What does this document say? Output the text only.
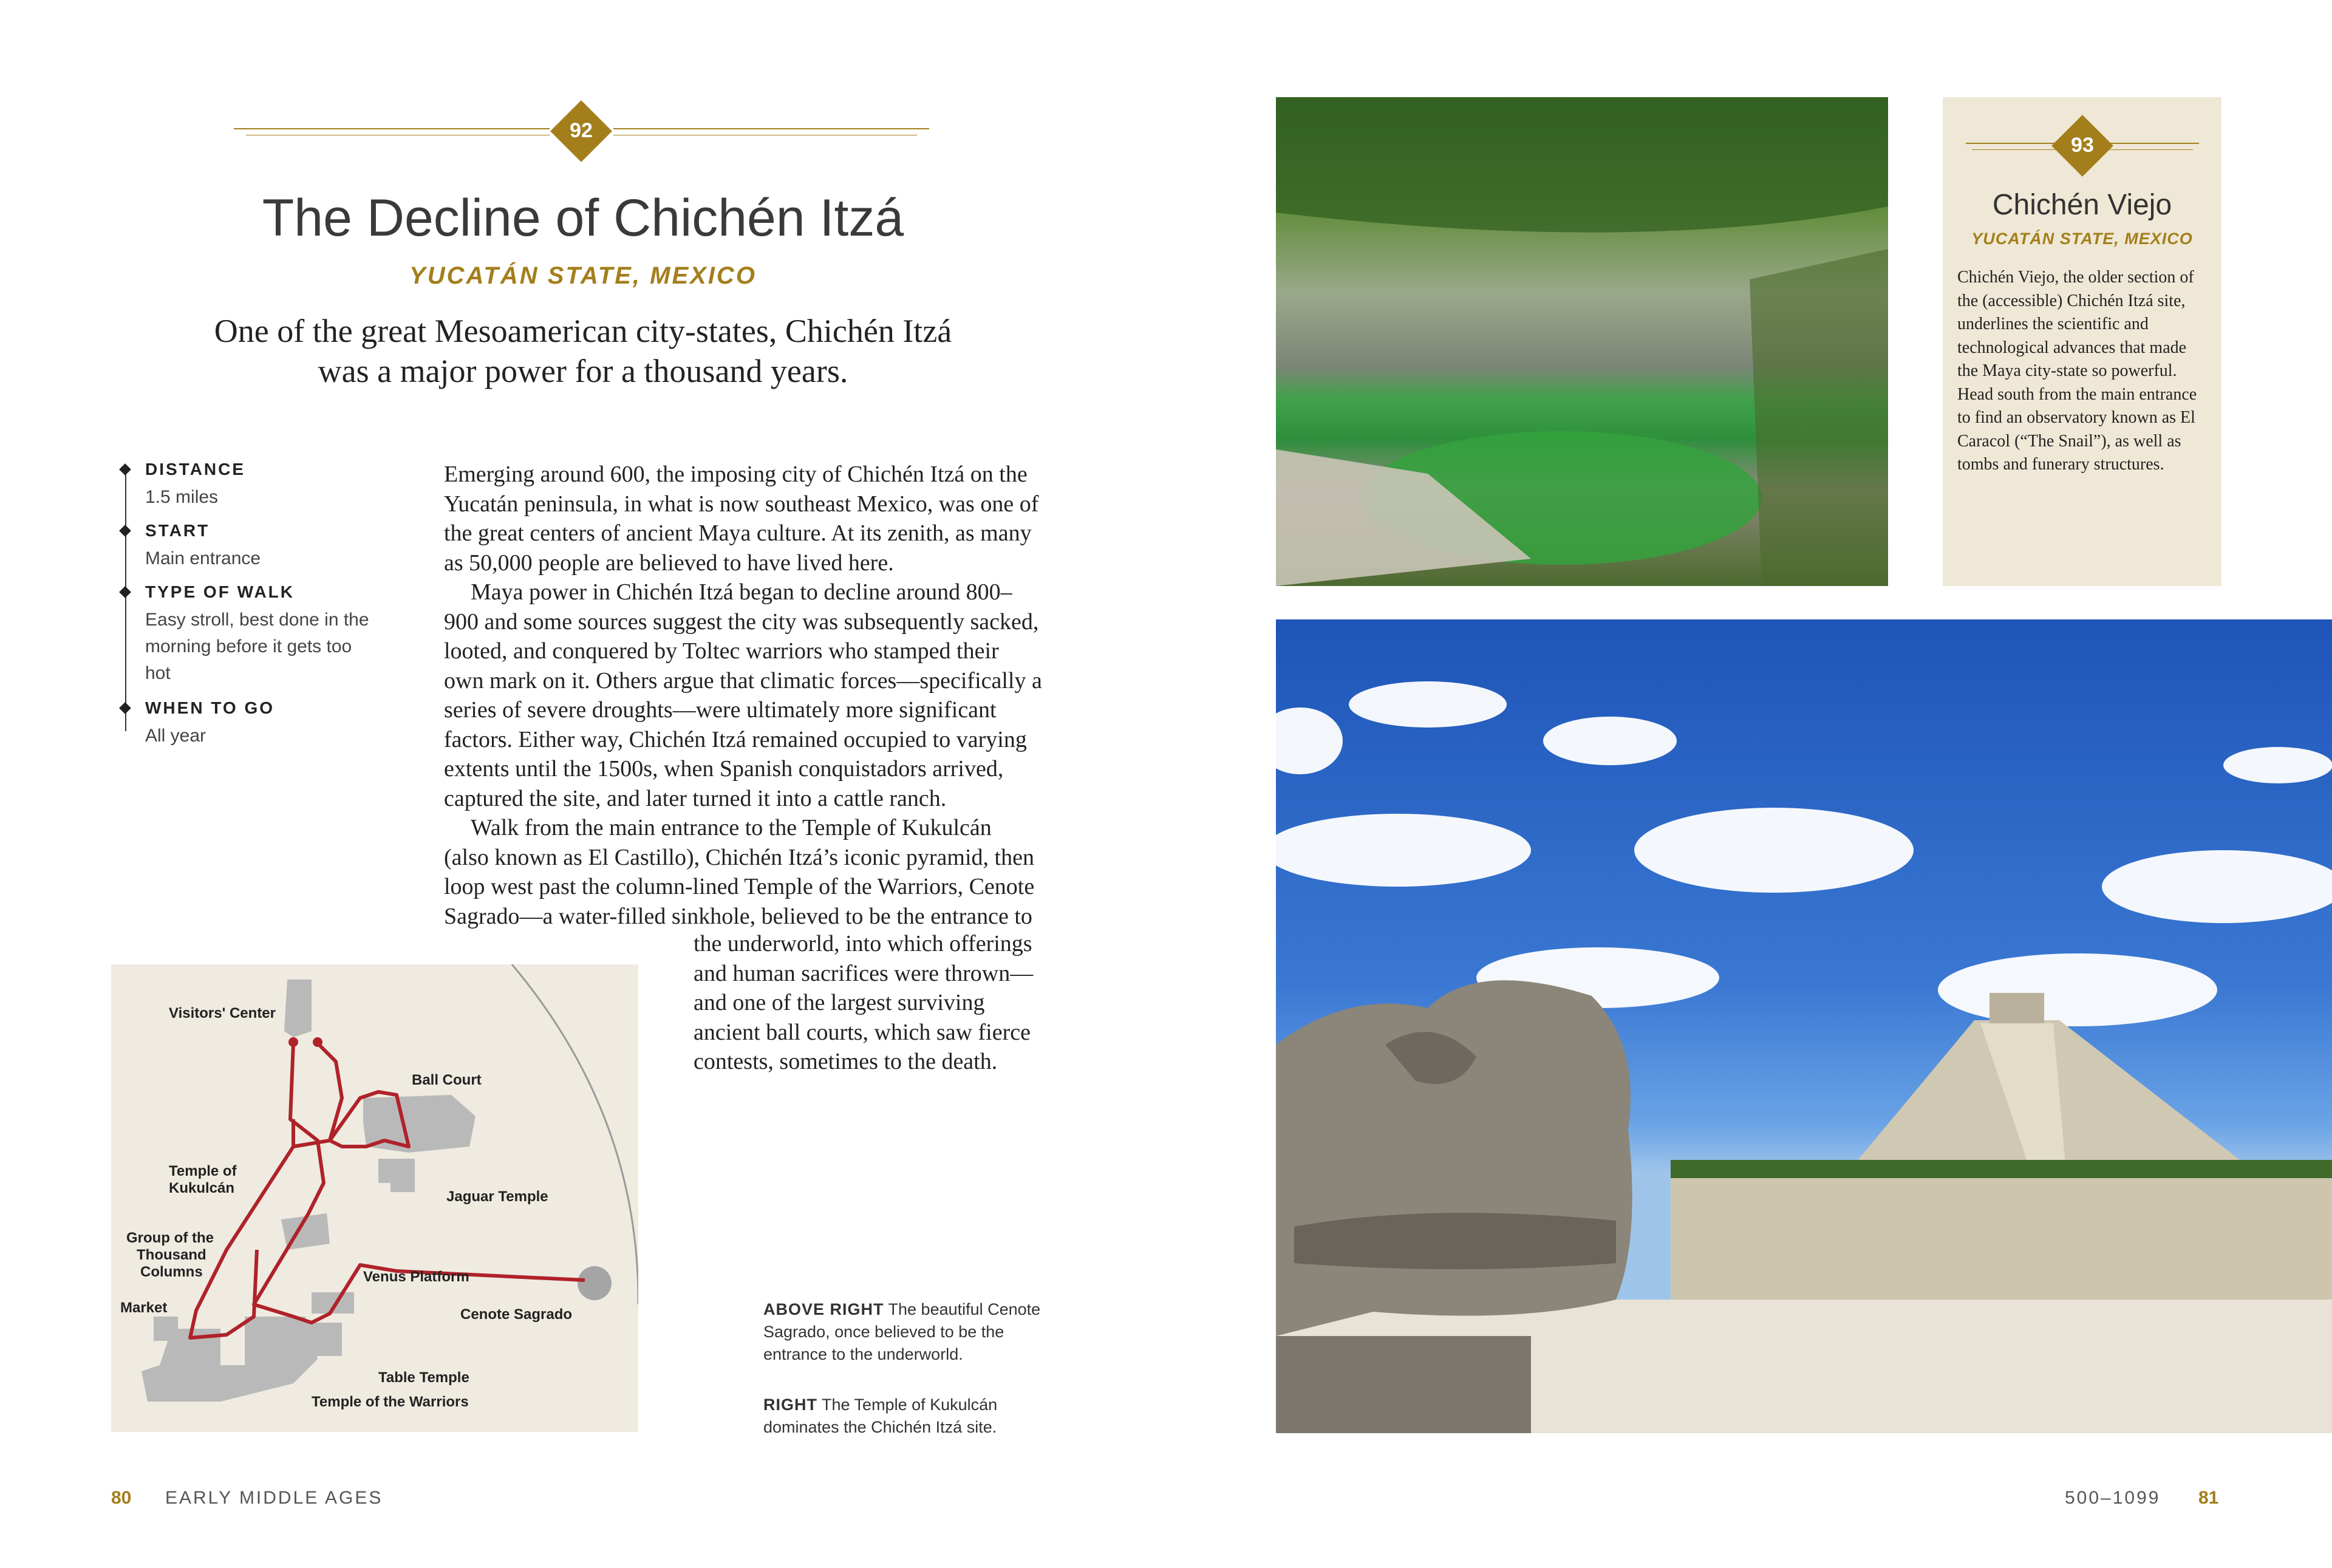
92
The Decline of Chichén Itzá
YUCATÁN STATE, MEXICO
One of the great Mesoamerican city-states, Chichén Itzá
was a major power for a thousand years.
DISTANCE
1.5 miles
START
Main entrance
TYPE OF WALK
Easy stroll, best done in the morning before it gets too hot
WHEN TO GO
All year

Emerging around 600, the imposing city of Chichén Itzá on the Yucatán peninsula, in what is now southeast Mexico, was one of the great centers of ancient Maya culture. At its zenith, as many as 50,000 people are believed to have lived here.

Maya power in Chichén Itzá began to decline around 800–900 and some sources suggest the city was subsequently sacked, looted, and conquered by Toltec warriors who stamped their own mark on it. Others argue that climatic forces—specifically a series of severe droughts—were ultimately more significant factors. Either way, Chichén Itzá remained occupied to varying extents until the 1500s, when Spanish conquistadors arrived, captured the site, and later turned it into a cattle ranch.

Walk from the main entrance to the Temple of Kukulcán (also known as El Castillo), Chichén Itzá’s iconic pyramid, then loop west past the column-lined Temple of the Warriors, Cenote Sagrado—a water-filled sinkhole, believed to be the entrance to

the underworld, into which offerings and human sacrifices were thrown—and one of the largest surviving ancient ball courts, which saw fierce contests, sometimes to the death.
Visitors' Center
Ball Court
Temple of
Kukulcán
Jaguar Temple
Group of the
Thousand
Columns	Venus Platform
Market	Cenote Sagrado
Table Temple
Temple of the Warriors
ABOVE RIGHT The beautiful Cenote Sagrado, once believed to be the entrance to the underworld.
RIGHT The Temple of Kukulcán dominates the Chichén Itzá site.
80 EARLY MIDDLE AGES
93
Chichén Viejo
YUCATÁN STATE, MEXICO
Chichén Viejo, the older section of the (accessible) Chichén Itzá site, underlines the scientific and technological advances that made the Maya city-state so powerful. Head south from the main entrance to find an observatory known as El Caracol (“The Snail”), as well as tombs and funerary structures.
500–1099 81
